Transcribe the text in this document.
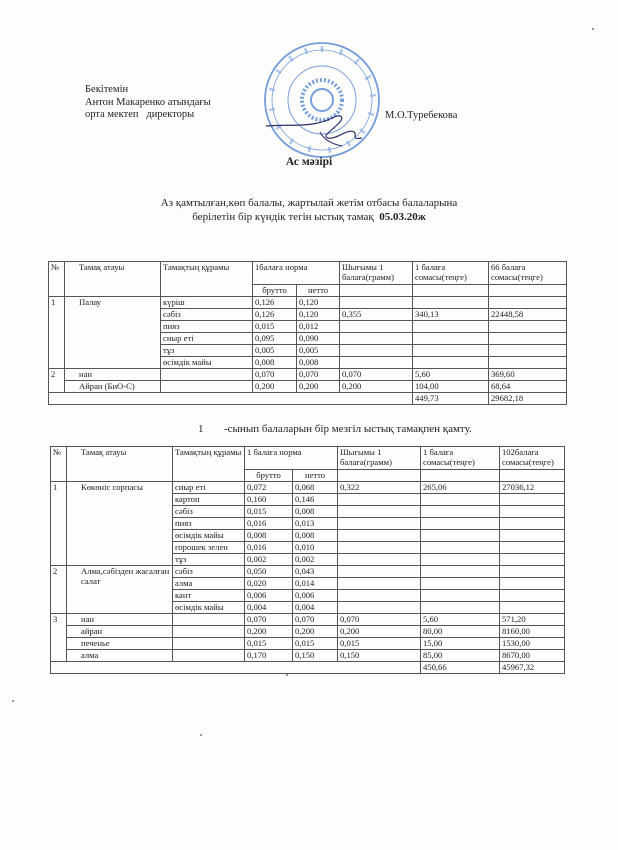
Бекітемін
Антон Макаренко атындағы
орта мектеп   директоры	М.О.Туребекова
Ас мәзірі
Аз қамтылған,көп балалы, жартылай жетім отбасы балаларына
берілетін бір күндік тегін ыстық тамақ 05.03.20ж
№	Тамақ атауы	Тамақтың құрамы	1балаға норма		Шығымы 1 балаға(грамм)	1 балаға сомасы(теңге)	66 балаға сомасы(теңге)
			брутто	нетто			
1	Палау	күріш	0,126	0,120			
		сәбіз	0,126	0,120	0,355	340,13	22448,58
		пияз	0,015	0,012			
		сиыр еті	0,095	0,090			
		тұз	0,005	0,005			
		өсімдік майы	0,008	0,008			
2	нан		0,070	0,070	0,070	5,60	369,60
	Айран (БиО-С)		0,200	0,200	0,200	104,00	68,64
						449,73	29682,18
1 -сынып балаларын бір мезгіл ыстық тамақпен қамту.
№	Тамақ атауы	Тамақтың құрамы	1 балаға норма		Шығымы 1 балаға(грамм)	1 балаға сомасы(теңге)	102балаға сомасы(теңге)
			брутто	нетто			
1	Көкөніс сорпасы	сиыр еті	0,072	0,068	0,322	265,06	27036,12
		картоп	0,160	0,146			
		сәбіз	0,015	0,008			
		пияз	0,016	0,013			
		өсімдік майы	0,008	0,008			
		горошек зелен	0,016	0,010			
		тұз	0,002	0,002			
2	Алма,сәбізден жасалған салат	сәбіз	0,050	0,043			
		алма	0,020	0,014			
		кант	0,006	0,006			
		өсімдік майы	0,004	0,004			
3	нан		0,070	0,070	0,070	5,60	571,20
	айран		0,200	0,200	0,200	80,00	8160,00
	печенье		0,015	0,015	0,015	15,00	1530,00
	алма		0,170	0,150	0,150	85,00	8670,00
						450,66	45967,32
